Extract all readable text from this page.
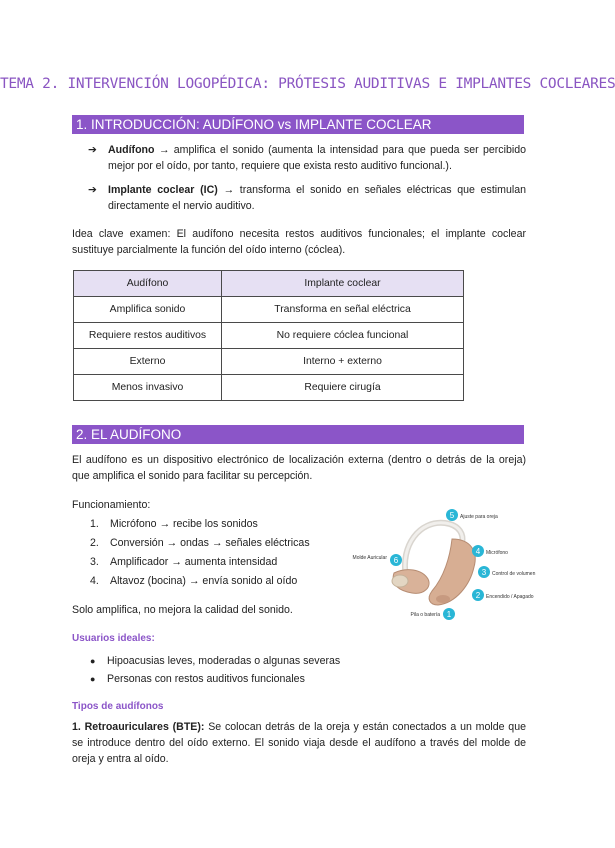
TEMA 2. INTERVENCIÓN LOGOPÉDICA: PRÓTESIS AUDITIVAS E IMPLANTES COCLEARES
1. INTRODUCCIÓN: AUDÍFONO vs IMPLANTE COCLEAR
➔ Audífono → amplifica el sonido (aumenta la intensidad para que pueda ser percibido mejor por el oído, por tanto, requiere que exista resto auditivo funcional.).
➔ Implante coclear (IC) → transforma el sonido en señales eléctricas que estimulan directamente el nervio auditivo.
Idea clave examen: El audífono necesita restos auditivos funcionales; el implante coclear sustituye parcialmente la función del oído interno (cóclea).
Audífono	Implante coclear
Amplifica sonido	Transforma en señal eléctrica
Requiere restos auditivos	No requiere cóclea funcional
Externo	Interno + externo
Menos invasivo	Requiere cirugía
2. EL AUDÍFONO
El audífono es un dispositivo electrónico de localización externa (dentro o detrás de la oreja) que amplifica el sonido para facilitar su percepción.
Funcionamiento:
1. Micrófono → recibe los sonidos
2. Conversión → ondas → señales eléctricas
3. Amplificador → aumenta intensidad
4. Altavoz (bocina) → envía sonido al oído
Solo amplifica, no mejora la calidad del sonido.
5 Ajuste para oreja
4 Micrófono
3 Control de volumen
2 Encendido / Apagado
1
Pila o batería
6
Molde Auricular
Usuarios ideales:
● Hipoacusias leves, moderadas o algunas severas
● Personas con restos auditivos funcionales
Tipos de audífonos
1. Retroauriculares (BTE): Se colocan detrás de la oreja y están conectados a un molde que se introduce dentro del oído externo. El sonido viaja desde el audífono a través del molde de oreja y entra al oído.
